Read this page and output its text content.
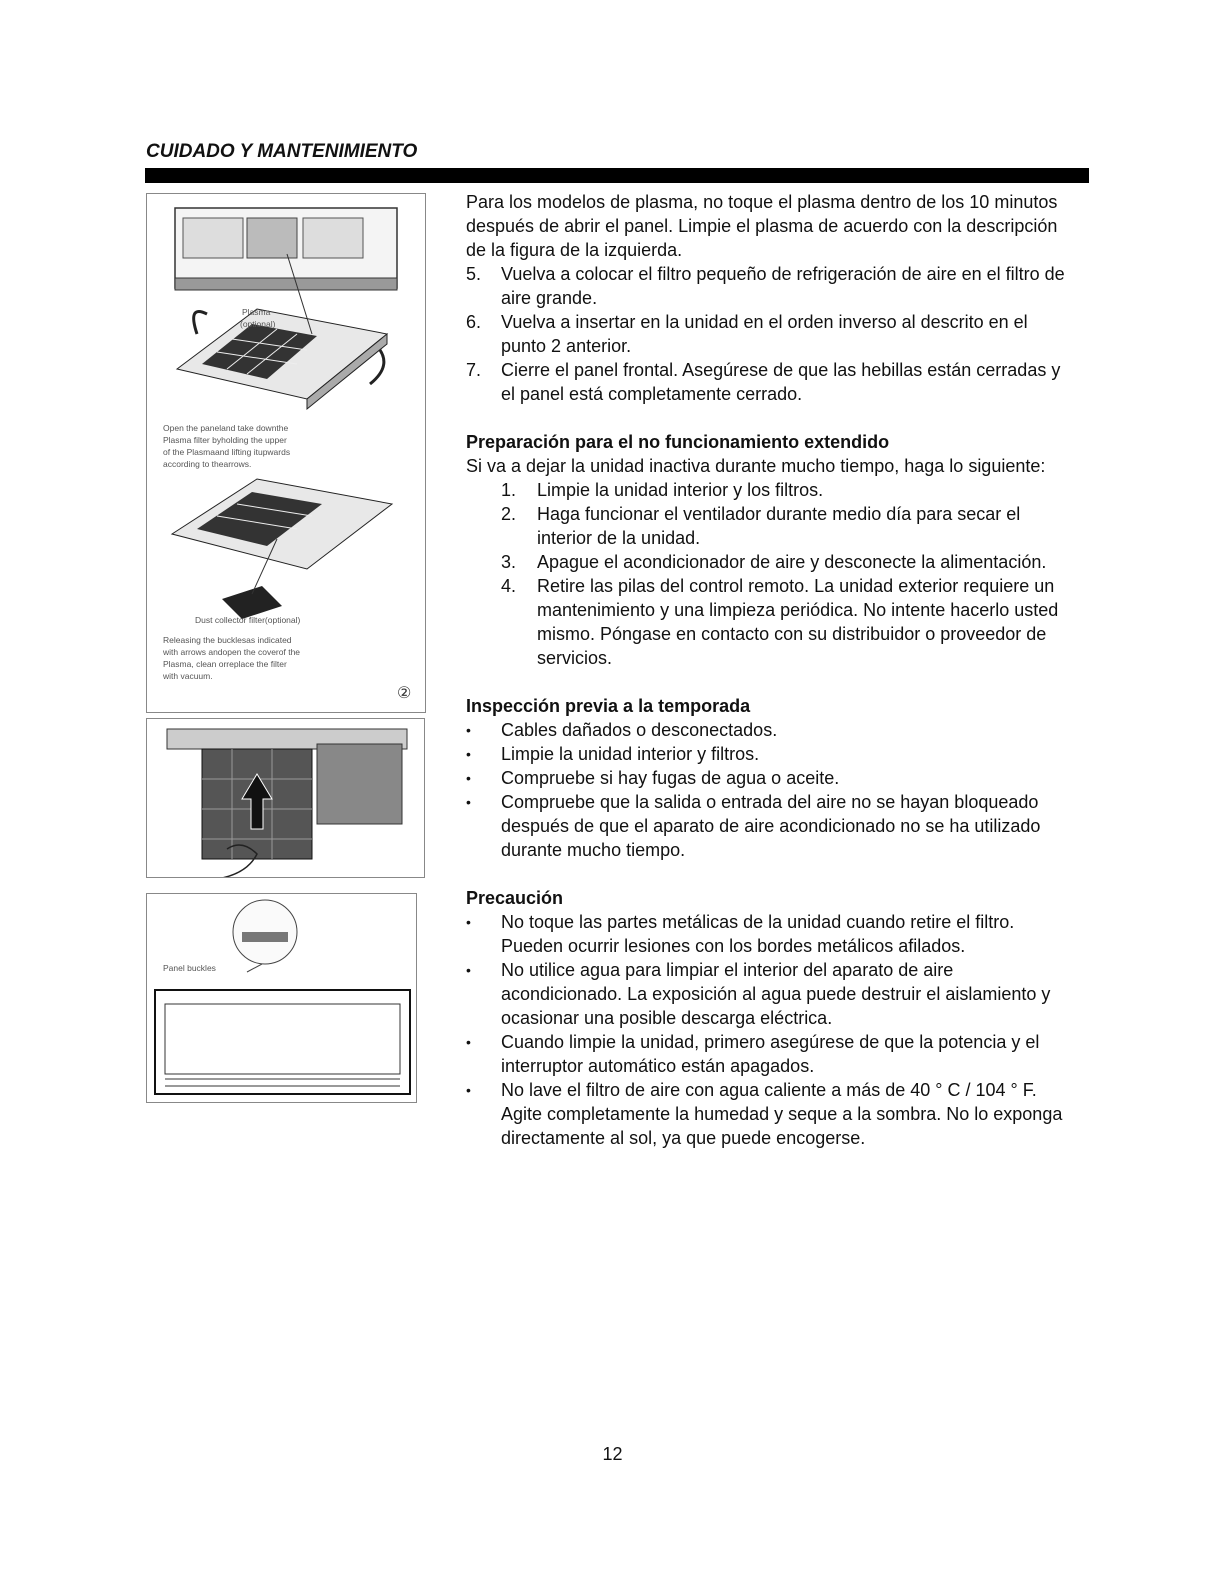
CUIDADO Y MANTENIMIENTO
Plasma
(optional)
Open the paneland take downthe
Plasma filter byholding the upper
of the Plasmaand lifting itupwards
according to thearrows.
Dust collector filter(optional)
Releasing the bucklesas indicated
with arrows andopen the coverof the
Plasma, clean orreplace the filter
with vacuum.
②
Panel buckles

Para los modelos de plasma, no toque el plasma dentro de los 10 minutos después de abrir el panel. Limpie el plasma de acuerdo con la descripción de la figura de la izquierda.

5. Vuelva a colocar el filtro pequeño de refrigeración de aire en el filtro de aire grande.
6. Vuelva a insertar en la unidad en el orden inverso al descrito en el punto 2 anterior.
7. Cierre el panel frontal. Asegúrese de que las hebillas están cerradas y el panel está completamente cerrado.
Preparación para el no funcionamiento extendido

Si va a dejar la unidad inactiva durante mucho tiempo, haga lo siguiente:

1. Limpie la unidad interior y los filtros.
2. Haga funcionar el ventilador durante medio día para secar el interior de la unidad.
3. Apague el acondicionador de aire y desconecte la alimentación.
4. Retire las pilas del control remoto. La unidad exterior requiere un mantenimiento y una limpieza periódica. No intente hacerlo usted mismo. Póngase en contacto con su distribuidor o proveedor de servicios.
Inspección previa a la temporada
• Cables dañados o desconectados.
• Limpie la unidad interior y filtros.
• Compruebe si hay fugas de agua o aceite.
• Compruebe que la salida o entrada del aire no se hayan bloqueado después de que el aparato de aire acondicionado no se ha utilizado durante mucho tiempo.
Precaución
• No toque las partes metálicas de la unidad cuando retire el filtro. Pueden ocurrir lesiones con los bordes metálicos afilados.
• No utilice agua para limpiar el interior del aparato de aire acondicionado. La exposición al agua puede destruir el aislamiento y ocasionar una posible descarga eléctrica.
• Cuando limpie la unidad, primero asegúrese de que la potencia y el interruptor automático están apagados.
• No lave el filtro de aire con agua caliente a más de 40 ° C / 104 ° F. Agite completamente la humedad y seque a la sombra. No lo exponga directamente al sol, ya que puede encogerse.
12
